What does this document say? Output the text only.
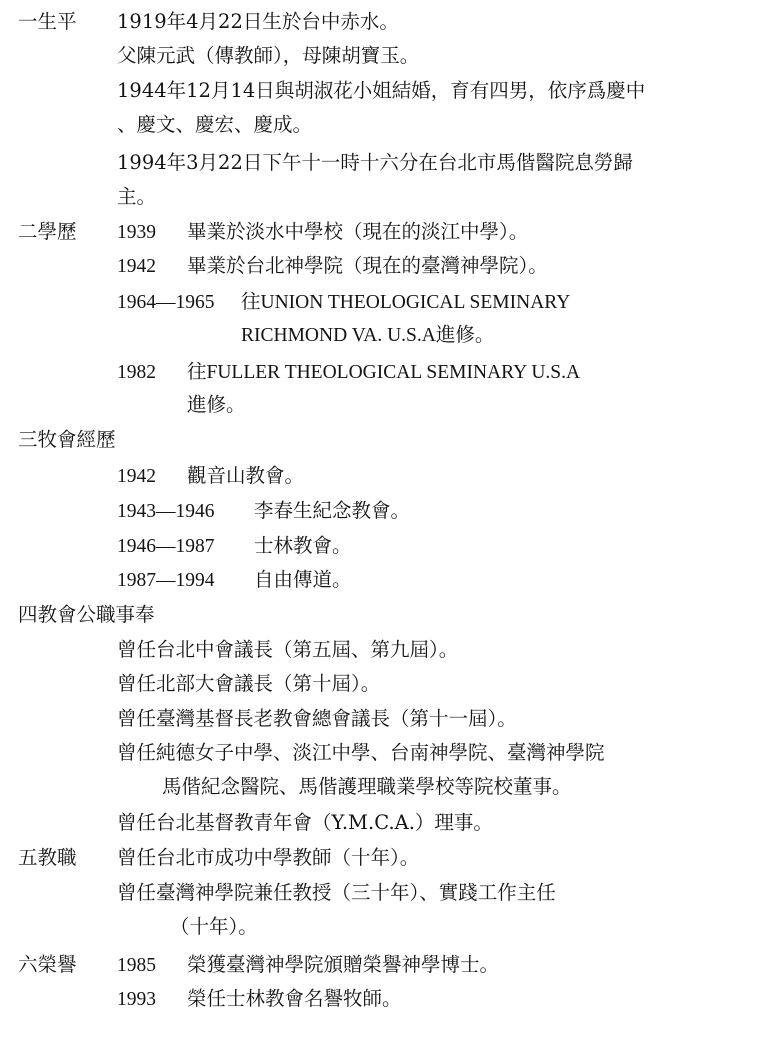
一生平 1919年4月22日生於台中赤水。
父陳元武（傳教師），母陳胡寶玉。
1944年12月14日與胡淑花小姐結婚，育有四男，依序爲慶中
、慶文、慶宏、慶成。
1994年3月22日下午十一時十六分在台北市馬偕醫院息勞歸
主。
二學歷 1939 畢業於淡水中學校（現在的淡江中學）。
1942 畢業於台北神學院（現在的臺灣神學院）。
1964—1965 往UNION THEOLOGICAL SEMINARY
RICHMOND VA. U.S.A進修。
1982 往FULLER THEOLOGICAL SEMINARY U.S.A
進修。
三牧會經歷
1942 觀音山教會。
1943—1946 李春生紀念教會。
1946—1987 士林教會。
1987—1994 自由傳道。
四教會公職事奉
曾任台北中會議長（第五屆、第九屆）。
曾任北部大會議長（第十屆）。
曾任臺灣基督長老教會總會議長（第十一屆）。
曾任純德女子中學、淡江中學、台南神學院、臺灣神學院
馬偕紀念醫院、馬偕護理職業學校等院校董事。
曾任台北基督教青年會（Y.M.C.A.）理事。
五教職 曾任台北市成功中學教師（十年）。
曾任臺灣神學院兼任教授（三十年）、實踐工作主任
（十年）。
六榮譽 1985 榮獲臺灣神學院頒贈榮譽神學博士。
1993 榮任士林教會名譽牧師。
